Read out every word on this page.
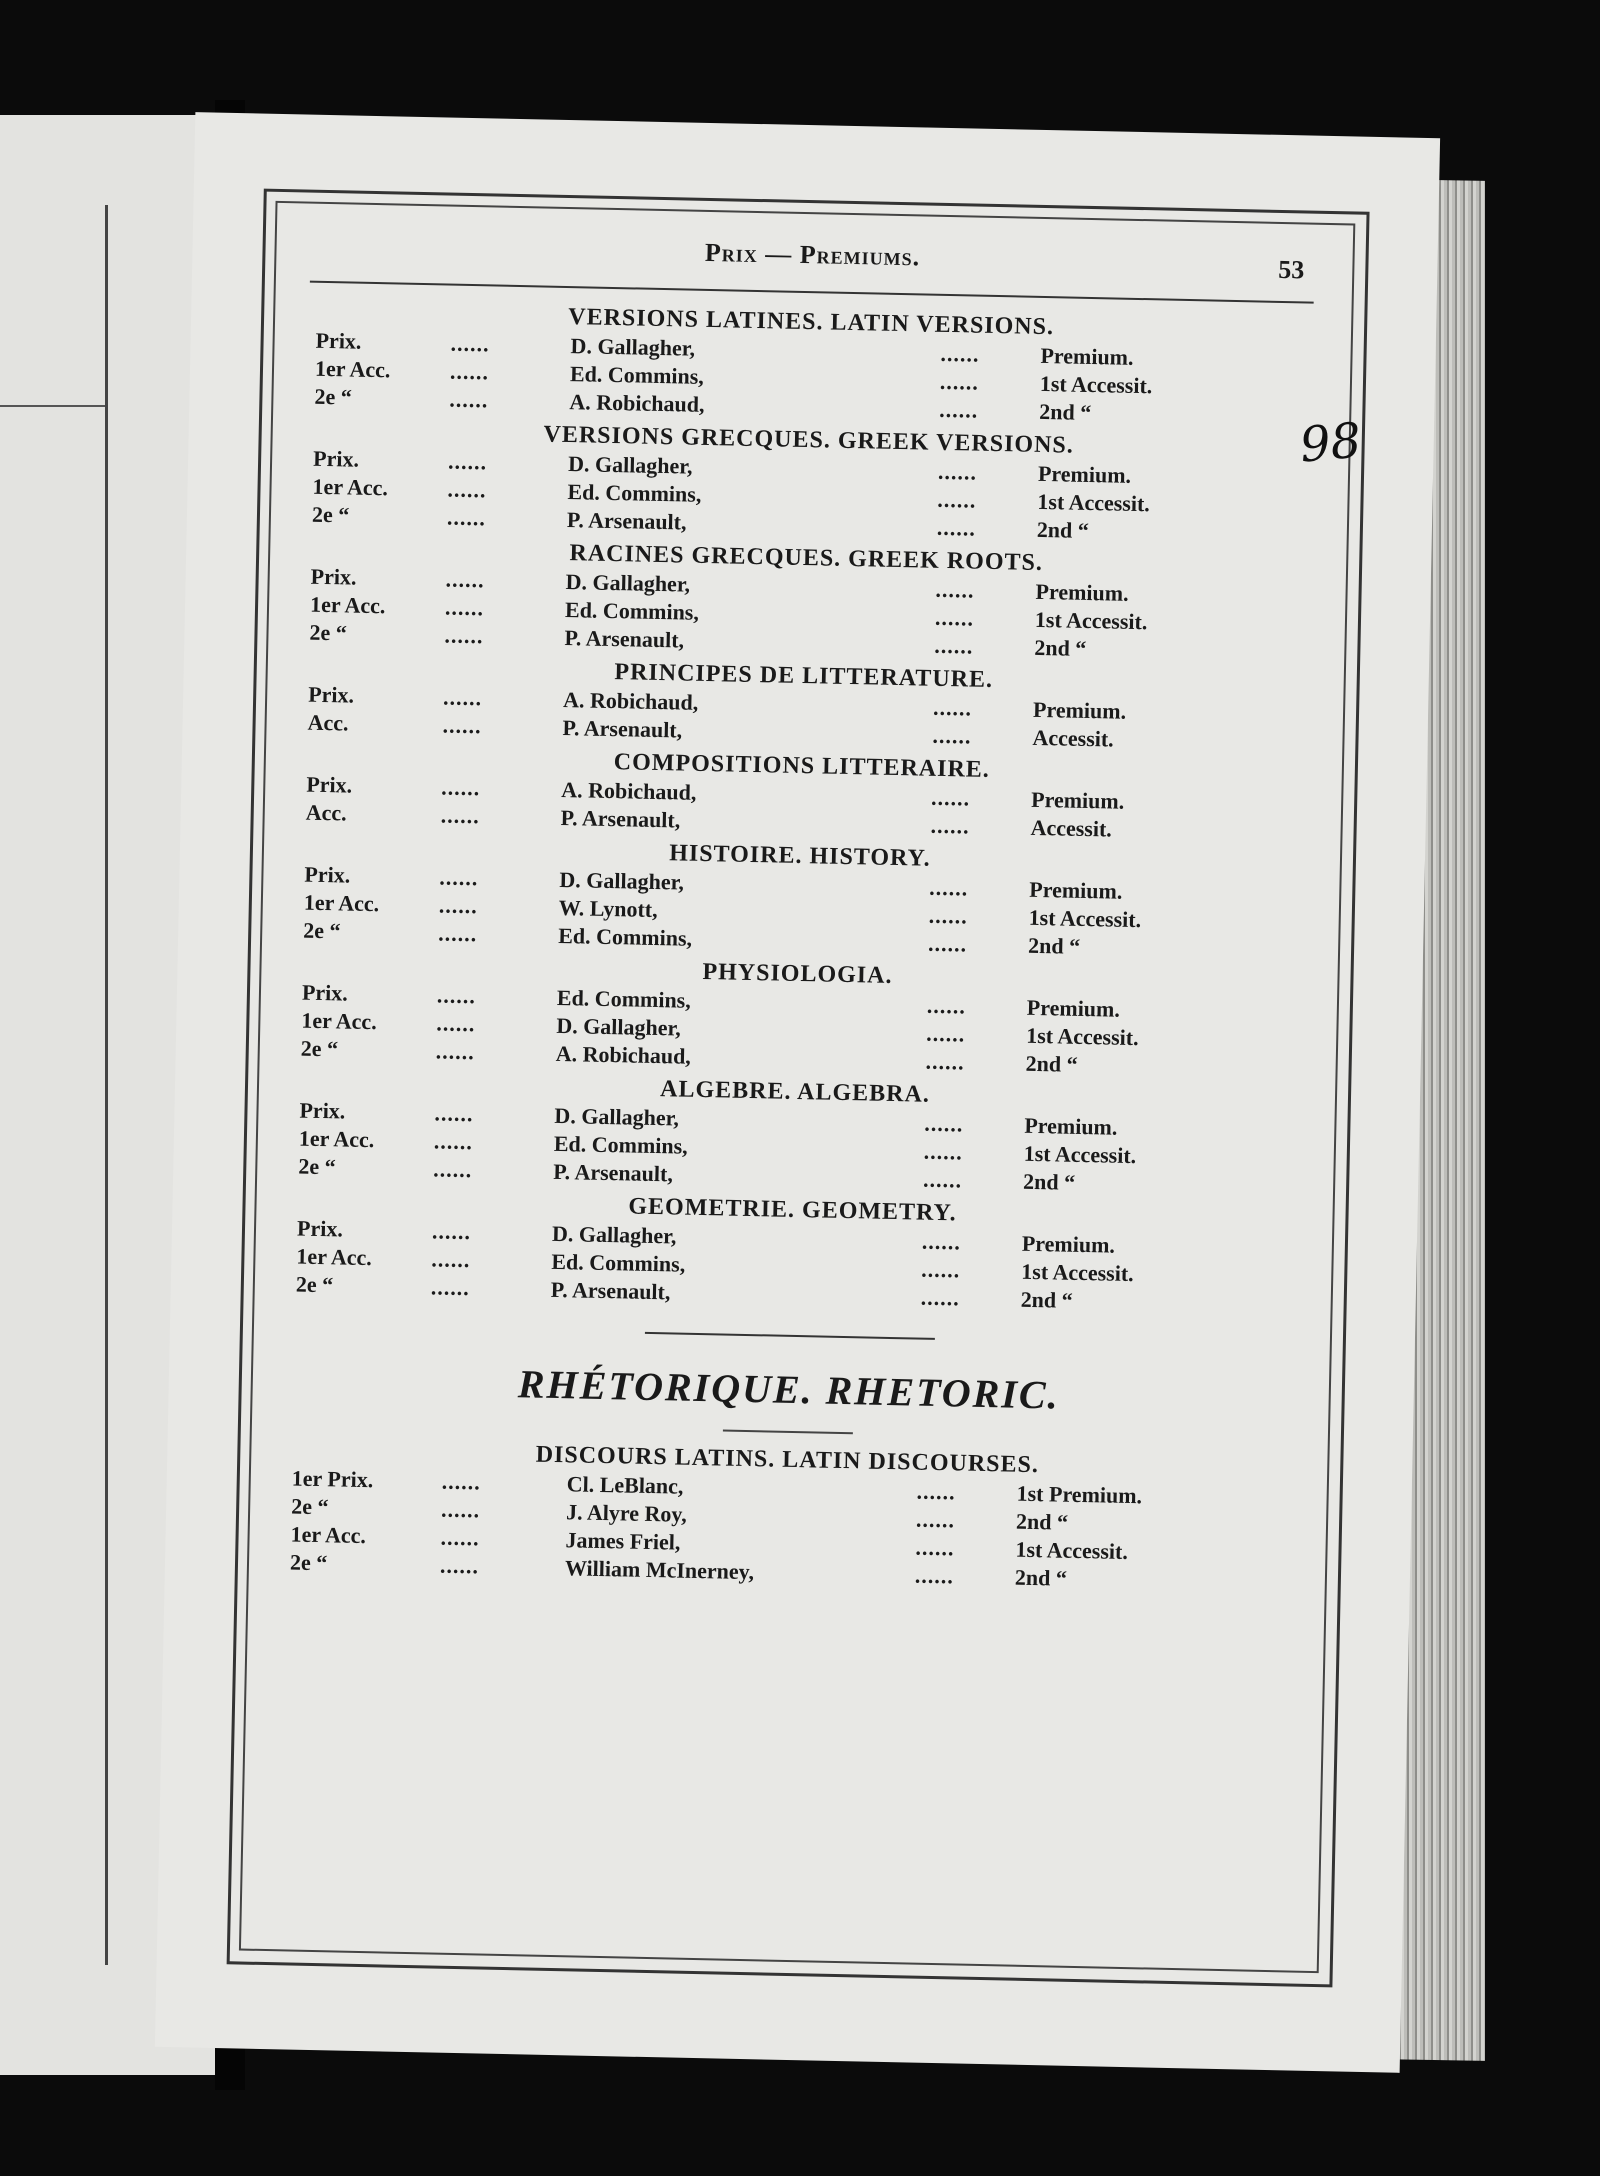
Prix — Premiums.	53
VERSIONS LATINES. LATIN VERSIONS.
Prix.	......	D. Gallagher,	......	Premium.
1er Acc.	......	Ed. Commins,	......	1st Accessit.
2e “	......	A. Robichaud,	......	2nd “
VERSIONS GRECQUES. GREEK VERSIONS.
Prix.	......	D. Gallagher,	......	Premium.
1er Acc.	......	Ed. Commins,	......	1st Accessit.
2e “	......	P. Arsenault,	......	2nd “
RACINES GRECQUES. GREEK ROOTS.
Prix.	......	D. Gallagher,	......	Premium.
1er Acc.	......	Ed. Commins,	......	1st Accessit.
2e “	......	P. Arsenault,	......	2nd “
PRINCIPES DE LITTERATURE.
Prix.	......	A. Robichaud,	......	Premium.
Acc.	......	P. Arsenault,	......	Accessit.
COMPOSITIONS LITTERAIRE.
Prix.	......	A. Robichaud,	......	Premium.
Acc.	......	P. Arsenault,	......	Accessit.
HISTOIRE. HISTORY.
Prix.	......	D. Gallagher,	......	Premium.
1er Acc.	......	W. Lynott,	......	1st Accessit.
2e “	......	Ed. Commins,	......	2nd “
PHYSIOLOGIA.
Prix.	......	Ed. Commins,	......	Premium.
1er Acc.	......	D. Gallagher,	......	1st Accessit.
2e “	......	A. Robichaud,	......	2nd “
ALGEBRE. ALGEBRA.
Prix.	......	D. Gallagher,	......	Premium.
1er Acc.	......	Ed. Commins,	......	1st Accessit.
2e “	......	P. Arsenault,	......	2nd “
GEOMETRIE. GEOMETRY.
Prix.	......	D. Gallagher,	......	Premium.
1er Acc.	......	Ed. Commins,	......	1st Accessit.
2e “	......	P. Arsenault,	......	2nd “
RHÉTORIQUE. RHETORIC.
DISCOURS LATINS. LATIN DISCOURSES.
1er Prix.	......	Cl. LeBlanc,	......	1st Premium.
2e “	......	J. Alyre Roy,	......	2nd “
1er Acc.	......	James Friel,	......	1st Accessit.
2e “	......	William McInerney,	......	2nd “
98
